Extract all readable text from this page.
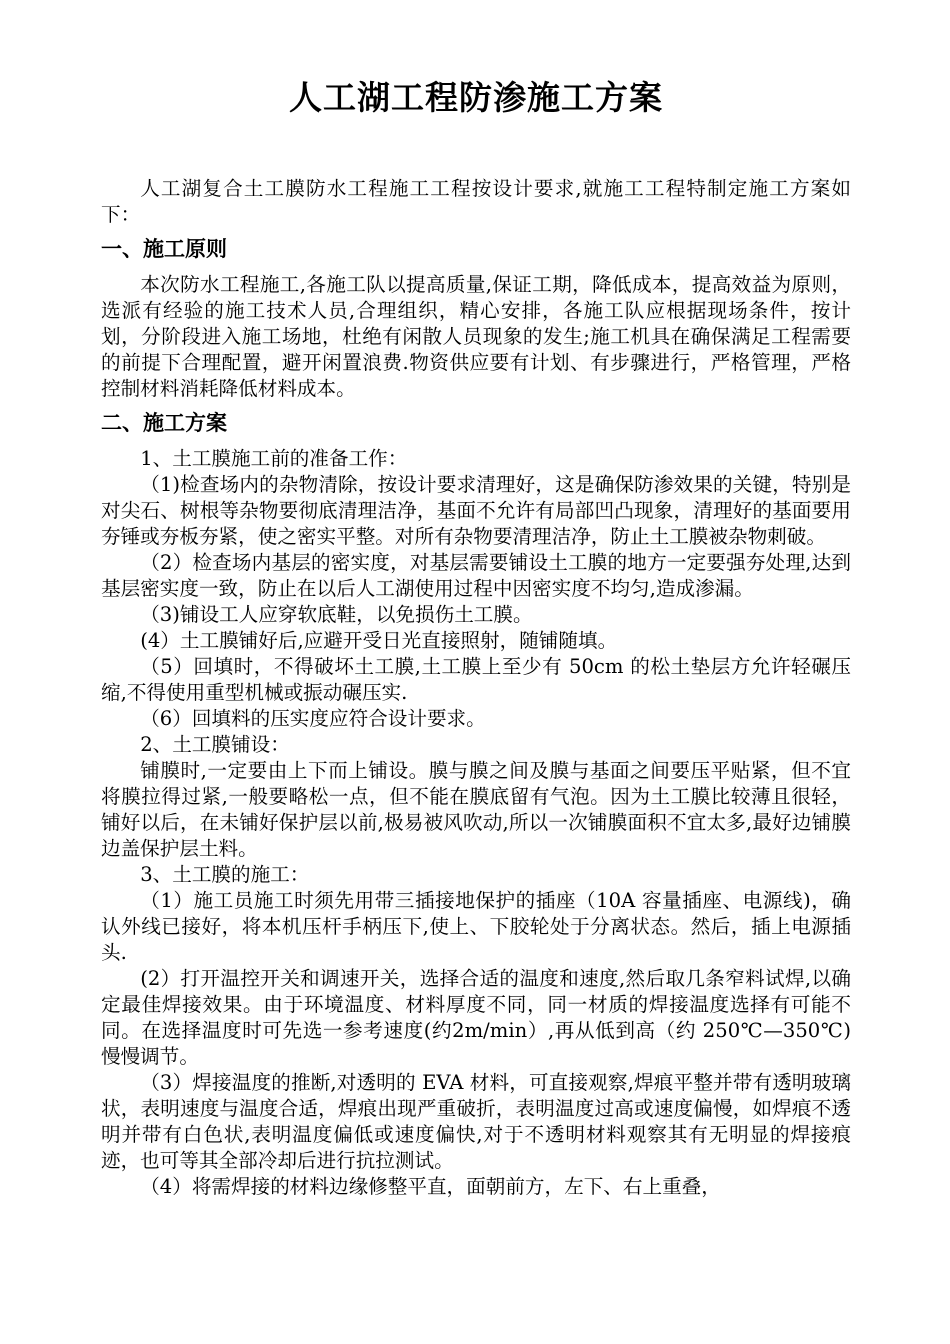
人工湖工程防渗施工方案

人工湖复合土工膜防水工程施工工程按设计要求,就施工工程特制定施工方案如下：

一、施工原则

本次防水工程施工,各施工队以提高质量,保证工期，降低成本，提高效益为原则，选派有经验的施工技术人员,合理组织，精心安排，各施工队应根据现场条件，按计划，分阶段进入施工场地，杜绝有闲散人员现象的发生;施工机具在确保满足工程需要的前提下合理配置，避开闲置浪费.物资供应要有计划、有步骤进行，严格管理，严格控制材料消耗降低材料成本。

二、施工方案

1、土工膜施工前的准备工作：

（1)检查场内的杂物清除，按设计要求清理好，这是确保防渗效果的关键，特别是对尖石、树根等杂物要彻底清理洁净，基面不允许有局部凹凸现象，清理好的基面要用夯锤或夯板夯紧，使之密实平整。对所有杂物要清理洁净，防止土工膜被杂物刺破。

（2）检查场内基层的密实度，对基层需要铺设土工膜的地方一定要强夯处理,达到基层密实度一致，防止在以后人工湖使用过程中因密实度不均匀,造成渗漏。

（3)铺设工人应穿软底鞋，以免损伤土工膜。

(4）土工膜铺好后,应避开受日光直接照射，随铺随填。

（5）回填时，不得破坏土工膜,土工膜上至少有 50cm 的松土垫层方允许轻碾压缩,不得使用重型机械或振动碾压实.

（6）回填料的压实度应符合设计要求。

2、土工膜铺设：

铺膜时,一定要由上下而上铺设。膜与膜之间及膜与基面之间要压平贴紧，但不宜将膜拉得过紧,一般要略松一点，但不能在膜底留有气泡。因为土工膜比较薄且很轻，铺好以后，在未铺好保护层以前,极易被风吹动,所以一次铺膜面积不宜太多,最好边铺膜边盖保护层土料。

3、土工膜的施工：

（1）施工员施工时须先用带三插接地保护的插座（10A 容量插座、电源线)，确认外线已接好，将本机压杆手柄压下,使上、下胶轮处于分离状态。然后，插上电源插头.

(2）打开温控开关和调速开关，选择合适的温度和速度,然后取几条窄料试焊,以确定最佳焊接效果。由于环境温度、材料厚度不同，同一材质的焊接温度选择有可能不同。在选择温度时可先选一参考速度(约2m/min）,再从低到高（约 250℃—350℃)慢慢调节。

（3）焊接温度的推断,对透明的 EVA 材料，可直接观察,焊痕平整并带有透明玻璃状，表明速度与温度合适，焊痕出现严重破折，表明温度过高或速度偏慢，如焊痕不透明并带有白色状,表明温度偏低或速度偏快,对于不透明材料观察其有无明显的焊接痕迹，也可等其全部冷却后进行抗拉测试。

（4）将需焊接的材料边缘修整平直，面朝前方，左下、右上重叠，
